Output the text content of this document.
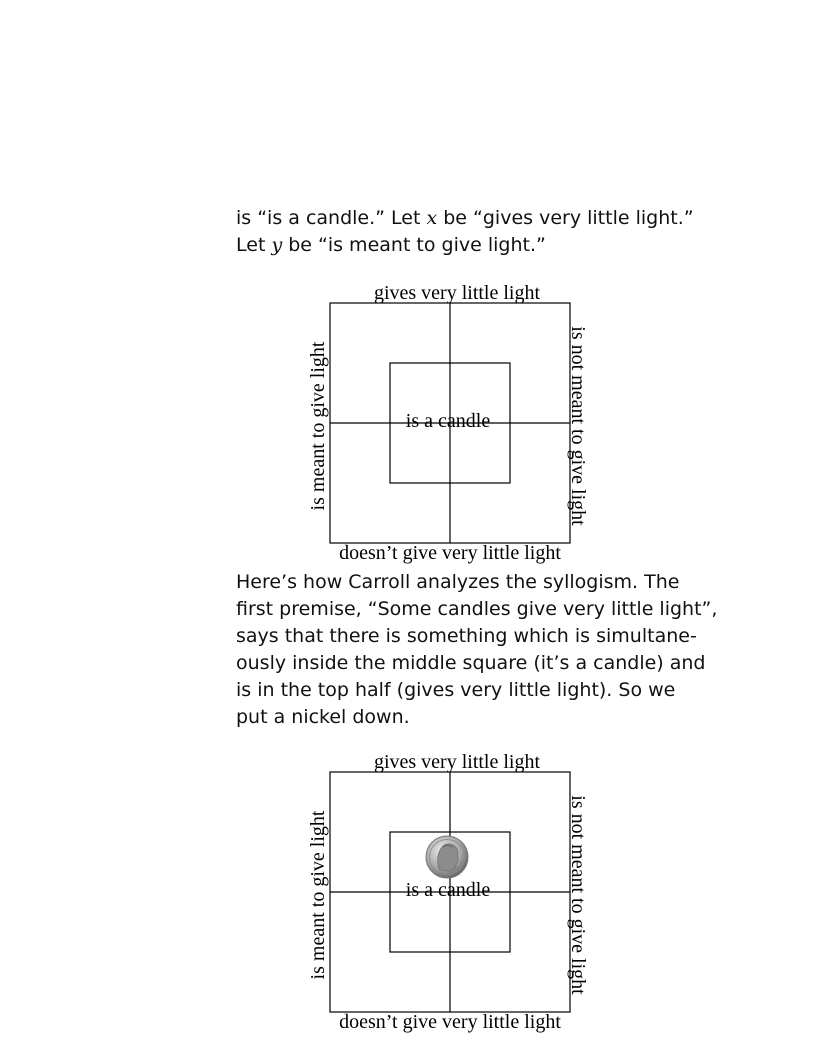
is “is a candle.” Let x be “gives very little light.”
Let y be “is meant to give light.”
gives very little light
doesn’t give very little light
is meant to give light	is not meant to give light
is a candle
Here’s how Carroll analyzes the syllogism. The
first premise, “Some candles give very little light”,
says that there is something which is simultane-
ously inside the middle square (it’s a candle) and
is in the top half (gives very little light). So we
put a nickel down.
gives very little light
doesn’t give very little light
is meant to give light	is not meant to give light
is a candle
